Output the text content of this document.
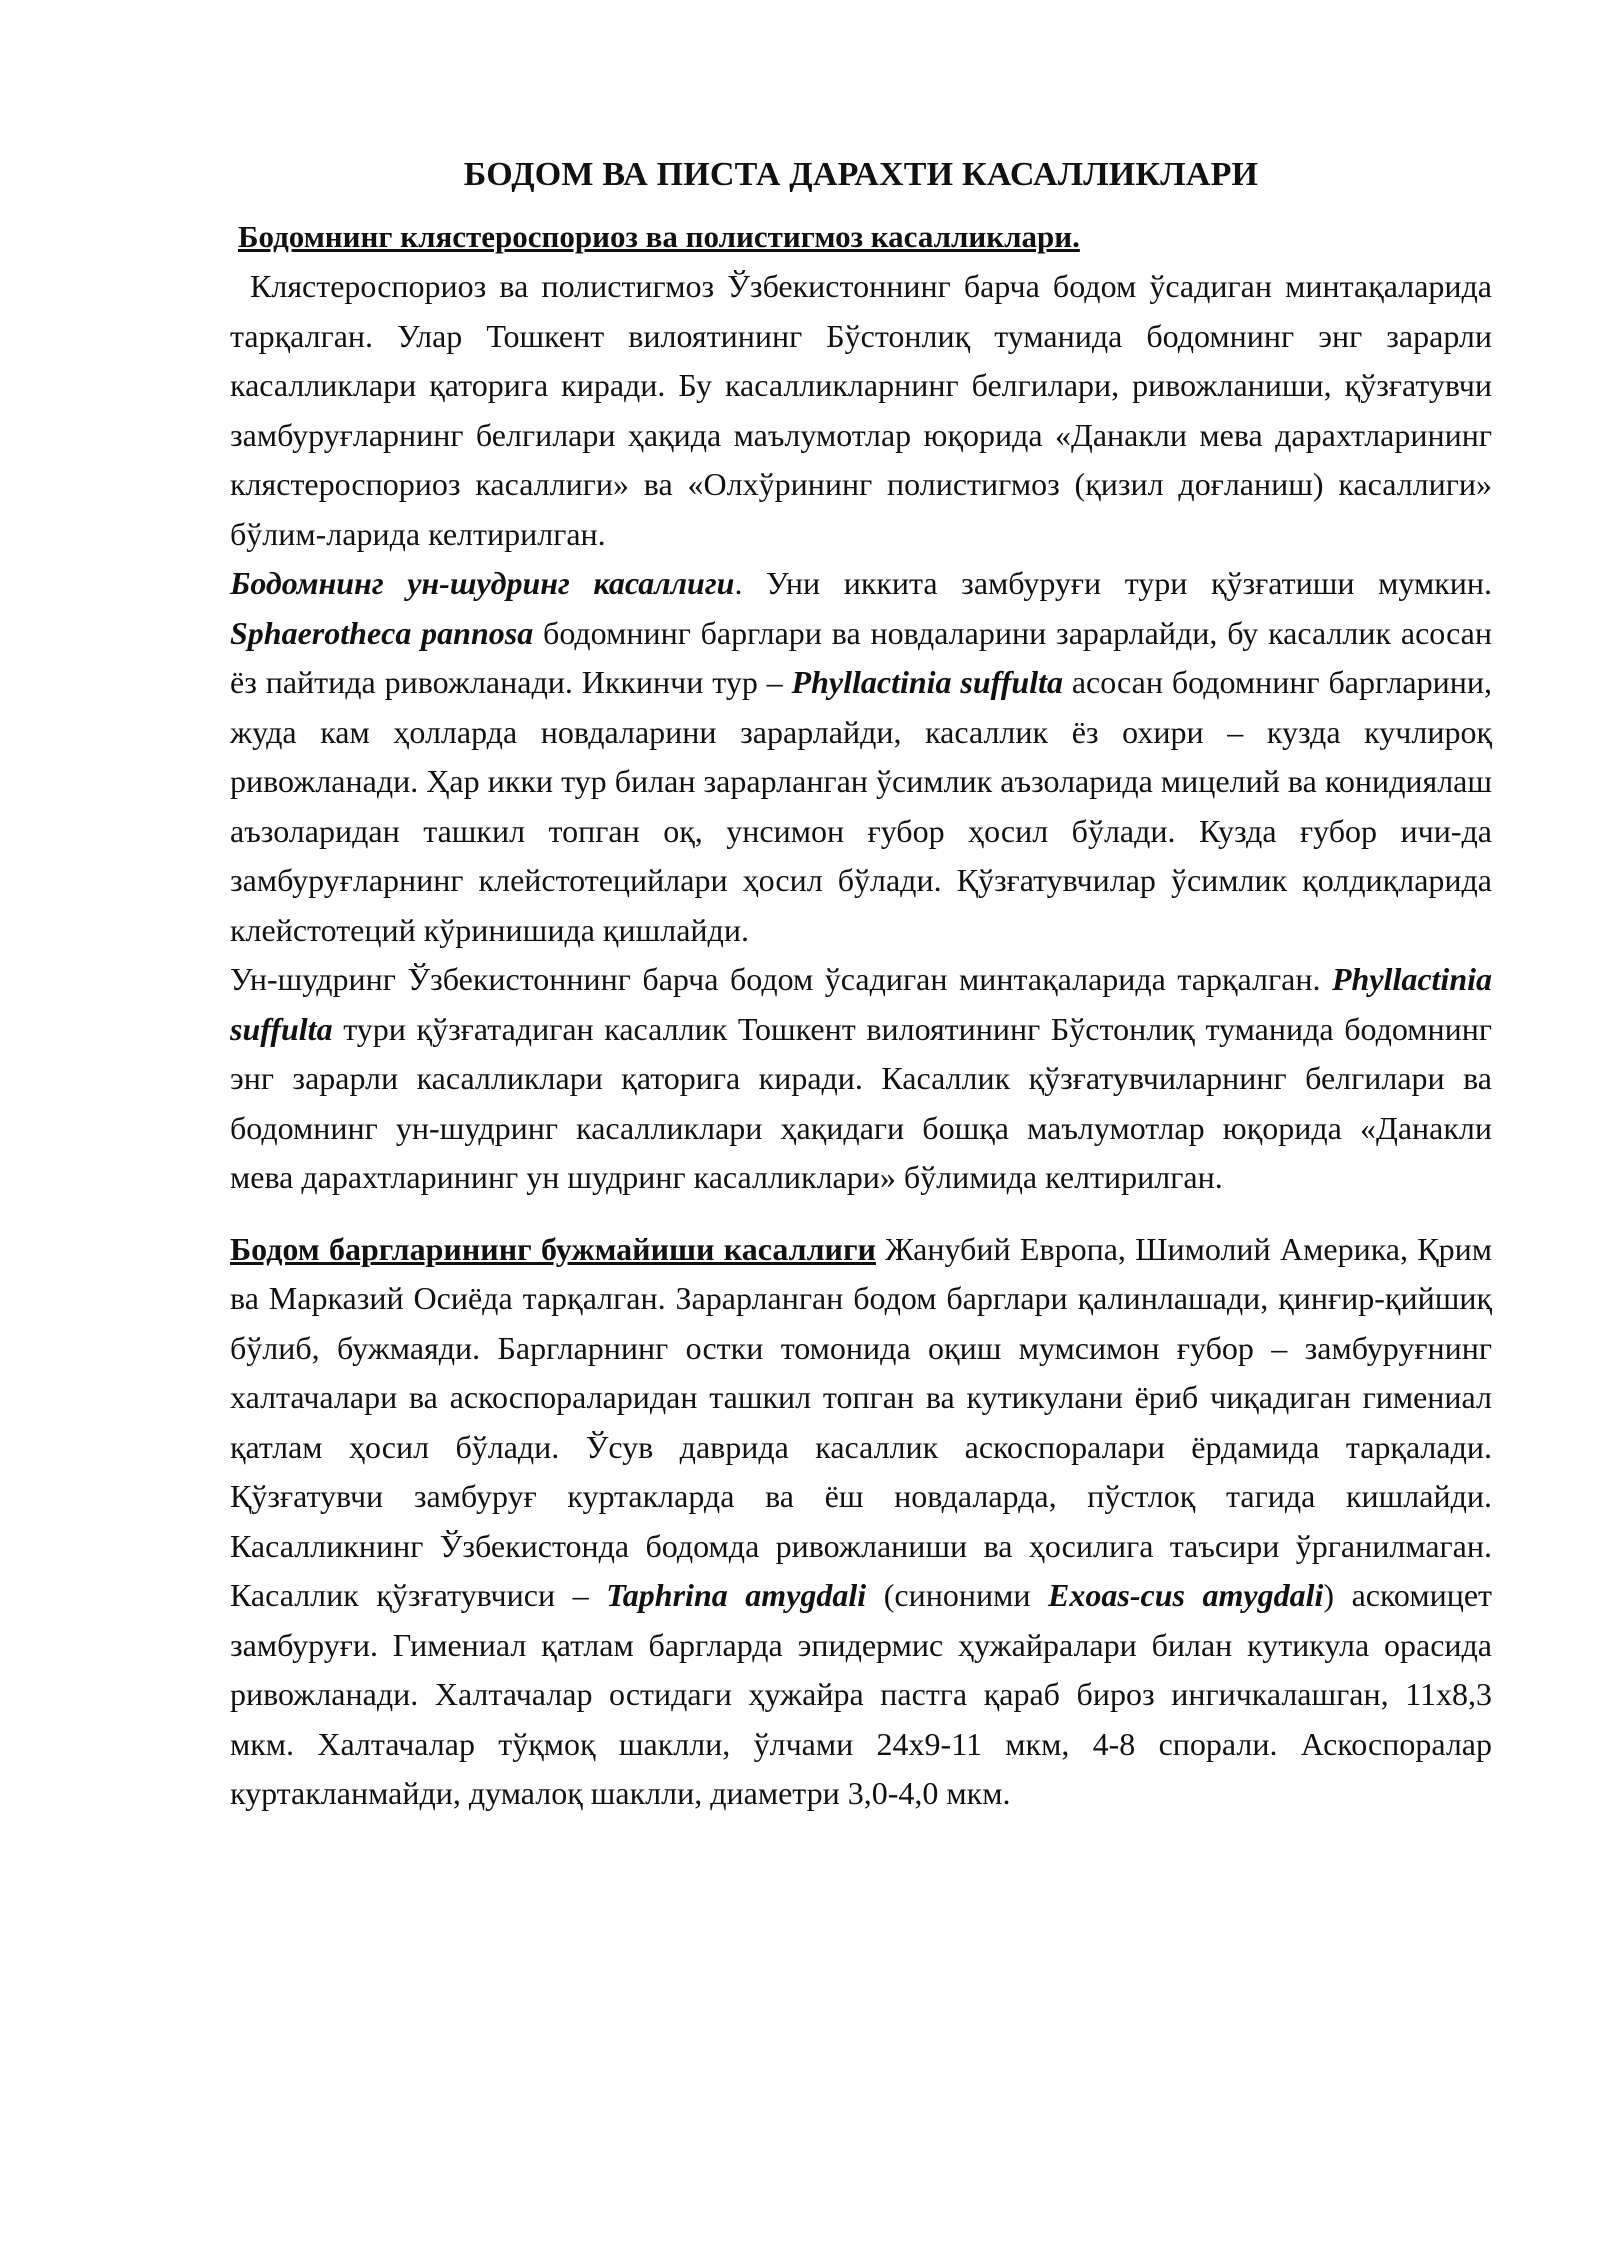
БОДОМ ВА ПИСТА ДАРАХТИ КАСАЛЛИКЛАРИ
Бодомнинг клястероспориоз ва полистигмоз касалликлари.

Клястероспориоз ва полистигмоз Ўзбекистоннинг барча бодом ўсадиган минтақаларида тарқалган. Улар Тошкент вилоятининг Бўстонлиқ туманида бодомнинг энг зарарли касалликлари қаторига киради. Бу касалликларнинг белгилари, ривожланиши, қўзғатувчи замбуруғларнинг белгилари ҳақида маълумотлар юқорида «Данакли мева дарахтларининг клястероспориоз касаллиги» ва «Олхўрининг полистигмоз (қизил доғланиш) касаллиги» бўлим-ларида келтирилган.

Бодомнинг ун-шудринг касаллиги. Уни иккита замбуруғи тури қўзғатиши мумкин. Sphaerotheca pannosa бодомнинг барглари ва новдаларини зарарлайди, бу касаллик асосан ёз пайтида ривожланади. Иккинчи тур – Phyllactinia suffulta асосан бодомнинг баргларини, жуда кам ҳолларда новдаларини зарарлайди, касаллик ёз охири – кузда кучлироқ ривожланади. Ҳар икки тур билан зарарланган ўсимлик аъзоларида мицелий ва конидиялаш аъзоларидан ташкил топган оқ, унсимон ғубор ҳосил бўлади. Кузда ғубор ичи-да замбуруғларнинг клейстотецийлари ҳосил бўлади. Қўзғатувчилар ўсимлик қолдиқларида клейстотеций кўринишида қишлайди.

Ун-шудринг Ўзбекистоннинг барча бодом ўсадиган минтақаларида тарқалган. Phyllactinia suffulta тури қўзғатадиган касаллик Тошкент вилоятининг Бўстонлиқ туманида бодомнинг энг зарарли касалликлари қаторига киради. Касаллик қўзғатувчиларнинг белгилари ва бодомнинг ун-шудринг касалликлари ҳақидаги бошқа маълумотлар юқорида «Данакли мева дарахтларининг ун шудринг касалликлари» бўлимида келтирилган.

Бодом баргларининг бужмайиши касаллиги Жанубий Европа, Шимолий Америка, Қрим ва Марказий Осиёда тарқалган. Зарарланган бодом барглари қалинлашади, қинғир-қийшиқ бўлиб, бужмаяди. Баргларнинг остки томонида оқиш мумсимон ғубор – замбуруғнинг халтачалари ва аскоспораларидан ташкил топган ва кутикулани ёриб чиқадиган гимениал қатлам ҳосил бўлади. Ўсув даврида касаллик аскоспоралари ёрдамида тарқалади. Қўзғатувчи замбуруғ куртакларда ва ёш новдаларда, пўстлоқ тагида кишлайди. Касалликнинг Ўзбекистонда бодомда ривожланиши ва ҳосилига таъсири ўрганилмаган. Касаллик қўзғатувчиси – Taphrina amygdali (синоними Exoas-cus amygdali) аскомицет замбуруғи. Гимениал қатлам баргларда эпидермис ҳужайралари билан кутикула орасида ривожланади. Халтачалар остидаги ҳужайра пастга қараб бироз ингичкалашган, 11х8,3 мкм. Халтачалар тўқмоқ шаклли, ўлчами 24х9-11 мкм, 4-8 спорали. Аскоспоралар куртакланмайди, думалоқ шаклли, диаметри 3,0-4,0 мкм.
